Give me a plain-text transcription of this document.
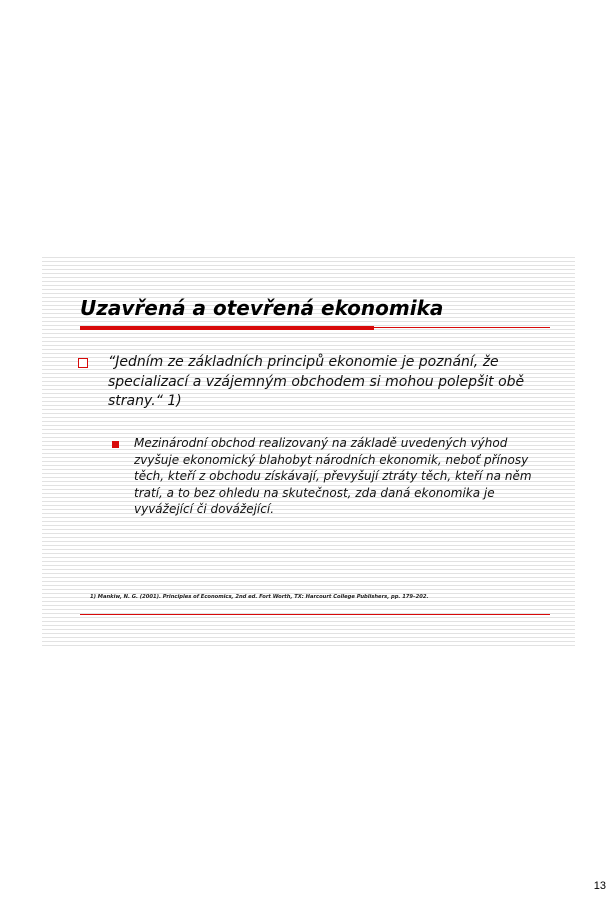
Uzavřená a otevřená ekonomika

“Jedním ze základních principů ekonomie je poznání, že specializací a vzájemným obchodem si mohou polepšit obě strany.“ 1)

Mezinárodní obchod realizovaný na základě uvedených výhod zvyšuje ekonomický blahobyt národních ekonomik, neboť přínosy těch, kteří z obchodu získávají, převyšují ztráty těch, kteří na něm tratí, a to bez ohledu na skutečnost, zda daná ekonomika je vyvážející či dovážející.

1) Mankiw, N. G. (2001). Principles of Economics, 2nd ed. Fort Worth, TX: Harcourt College Publishers, pp. 179–202.

13
